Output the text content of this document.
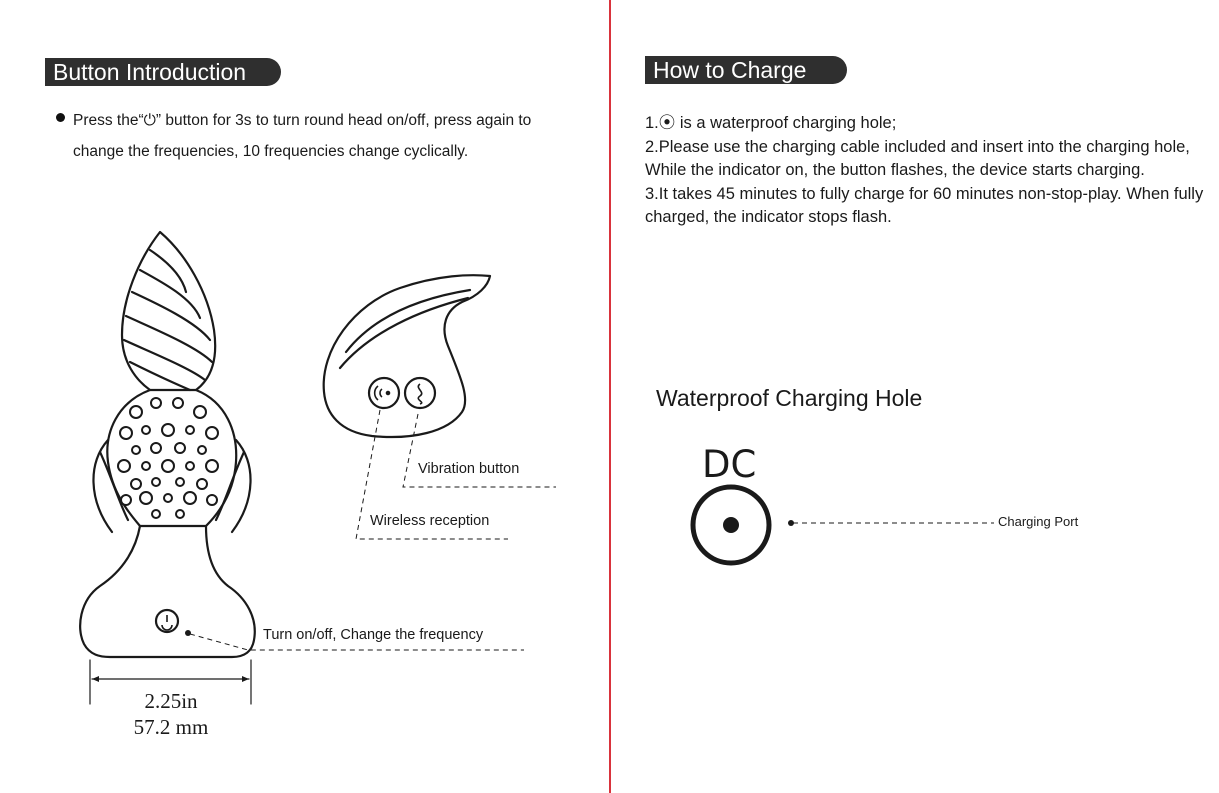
Button Introduction
Press the“⏻” button for 3s to turn round head on/off, press again to change the frequencies, 10 frequencies change cyclically.
Vibration button
Wireless reception
Turn on/off, Change the frequency
2.25in
57.2 mm
How to Charge

1.⦿ is a waterproof charging hole;

2.Please use the charging cable included and insert into the charging hole, While the indicator on, the button flashes, the device starts charging.

3.It takes 45 minutes to fully charge for 60 minutes non-stop-play. When fully charged, the indicator stops flash.

Waterproof Charging Hole
DC
Charging Port
